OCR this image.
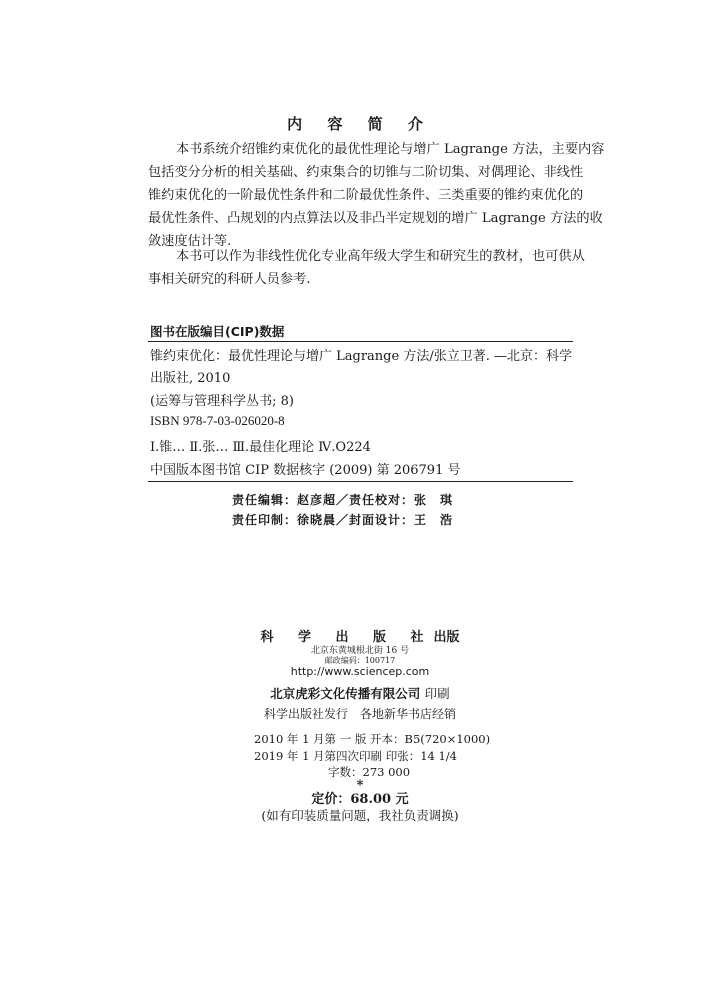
内 容 简 介
本书系统介绍锥约束优化的最优性理论与增广 Lagrange 方法，主要内容
包括变分分析的相关基础、约束集合的切锥与二阶切集、对偶理论、非线性
锥约束优化的一阶最优性条件和二阶最优性条件、三类重要的锥约束优化的
最优性条件、凸规划的内点算法以及非凸半定规划的增广 Lagrange 方法的收
敛速度估计等.
本书可以作为非线性优化专业高年级大学生和研究生的教材，也可供从
事相关研究的科研人员参考.
图书在版编目(CIP)数据
锥约束优化：最优性理论与增广 Lagrange 方法/张立卫著. —北京：科学
出版社, 2010
(运筹与管理科学丛书; 8)
ISBN 978-7-03-026020-8
Ⅰ.锥… Ⅱ.张… Ⅲ.最佳化理论 Ⅳ.O224
中国版本图书馆 CIP 数据核字 (2009) 第 206791 号
责任编辑：赵彦超／责任校对：张　琪
责任印制：徐晓晨／封面设计：王　浩
科 学 出 版 社出版
北京东黄城根北街 16 号
邮政编码：100717
http://www.sciencep.com
北京虎彩文化传播有限公司 印刷
科学出版社发行　各地新华书店经销
2010 年 1 月第 一 版 开本：B5(720×1000)
2019 年 1 月第四次印刷 印张：14 1/4
字数：273 000
*
定价：68.00 元
(如有印装质量问题，我社负责调换)
